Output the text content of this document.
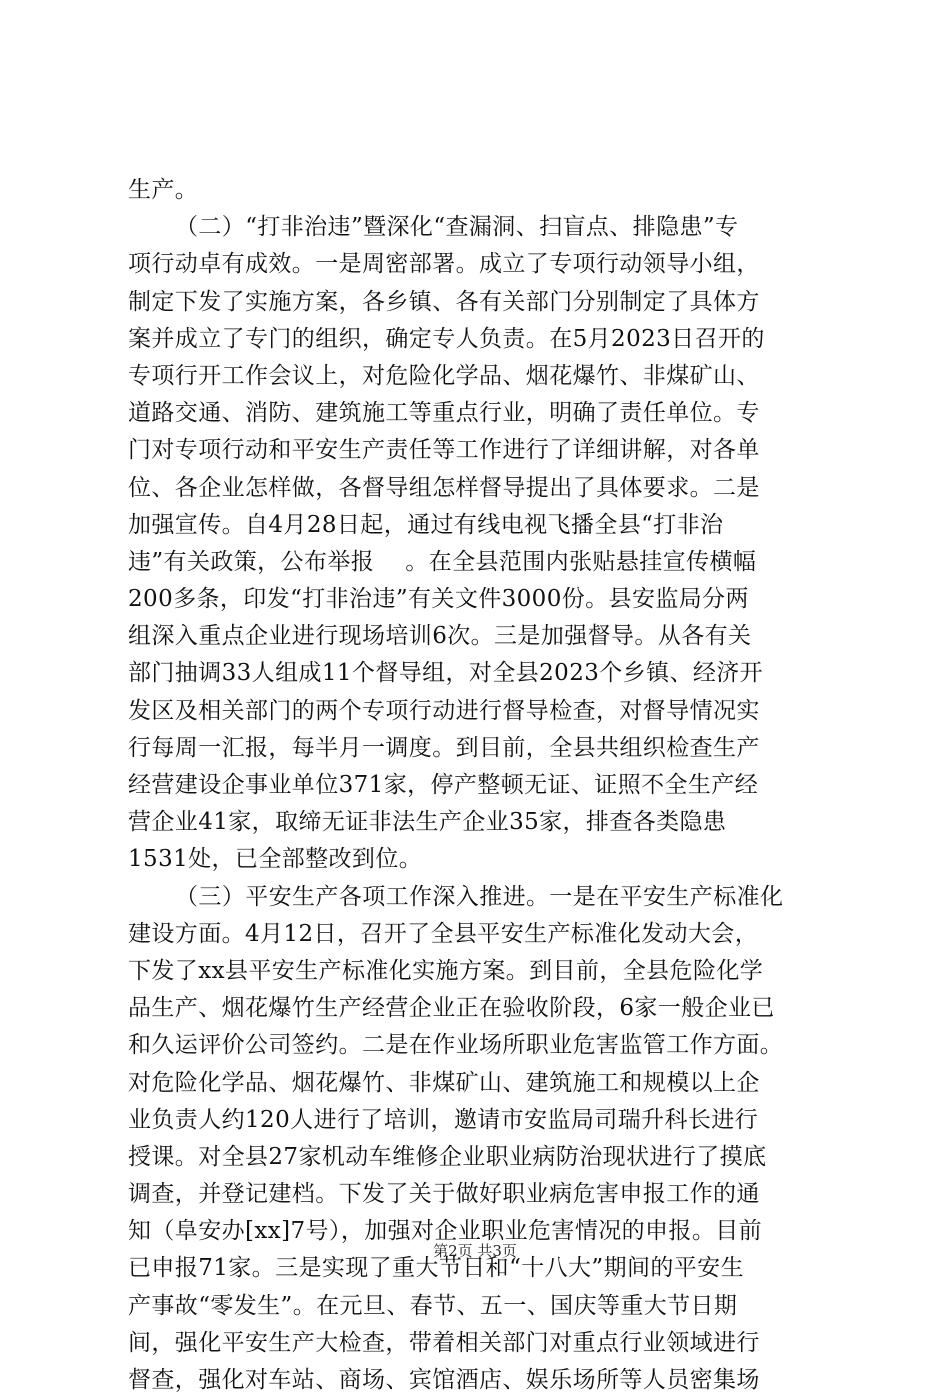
生产。
（二）“打非治违”暨深化“查漏洞、扫盲点、排隐患”专
项行动卓有成效。一是周密部署。成立了专项行动领导小组，
制定下发了实施方案，各乡镇、各有关部门分别制定了具体方
案并成立了专门的组织，确定专人负责。在5月2023日召开的
专项行开工作会议上，对危险化学品、烟花爆竹、非煤矿山、
道路交通、消防、建筑施工等重点行业，明确了责任单位。专
门对专项行动和平安生产责任等工作进行了详细讲解，对各单
位、各企业怎样做，各督导组怎样督导提出了具体要求。二是
加强宣传。自4月28日起，通过有线电视飞播全县“打非治
违”有关政策，公布举报　 。在全县范围内张贴悬挂宣传横幅
200多条，印发“打非治违”有关文件3000份。县安监局分两
组深入重点企业进行现场培训6次。三是加强督导。从各有关
部门抽调33人组成11个督导组，对全县2023个乡镇、经济开
发区及相关部门的两个专项行动进行督导检查，对督导情况实
行每周一汇报，每半月一调度。到目前，全县共组织检查生产
经营建设企事业单位371家，停产整顿无证、证照不全生产经
营企业41家，取缔无证非法生产企业35家，排查各类隐患
1531处，已全部整改到位。
（三）平安生产各项工作深入推进。一是在平安生产标准化
建设方面。4月12日，召开了全县平安生产标准化发动大会，
下发了xx县平安生产标准化实施方案。到目前，全县危险化学
品生产、烟花爆竹生产经营企业正在验收阶段，6家一般企业已
和久运评价公司签约。二是在作业场所职业危害监管工作方面。
对危险化学品、烟花爆竹、非煤矿山、建筑施工和规模以上企
业负责人约120人进行了培训，邀请市安监局司瑞升科长进行
授课。对全县27家机动车维修企业职业病防治现状进行了摸底
调查，并登记建档。下发了关于做好职业病危害申报工作的通
知（阜安办[xx]7号），加强对企业职业危害情况的申报。目前
已申报71家。三是实现了重大节日和“十八大”期间的平安生
产事故“零发生”。在元旦、春节、五一、国庆等重大节日期
间，强化平安生产大检查，带着相关部门对重点行业领域进行
督查，强化对车站、商场、宾馆酒店、娱乐场所等人员密集场
第2页 共3页
